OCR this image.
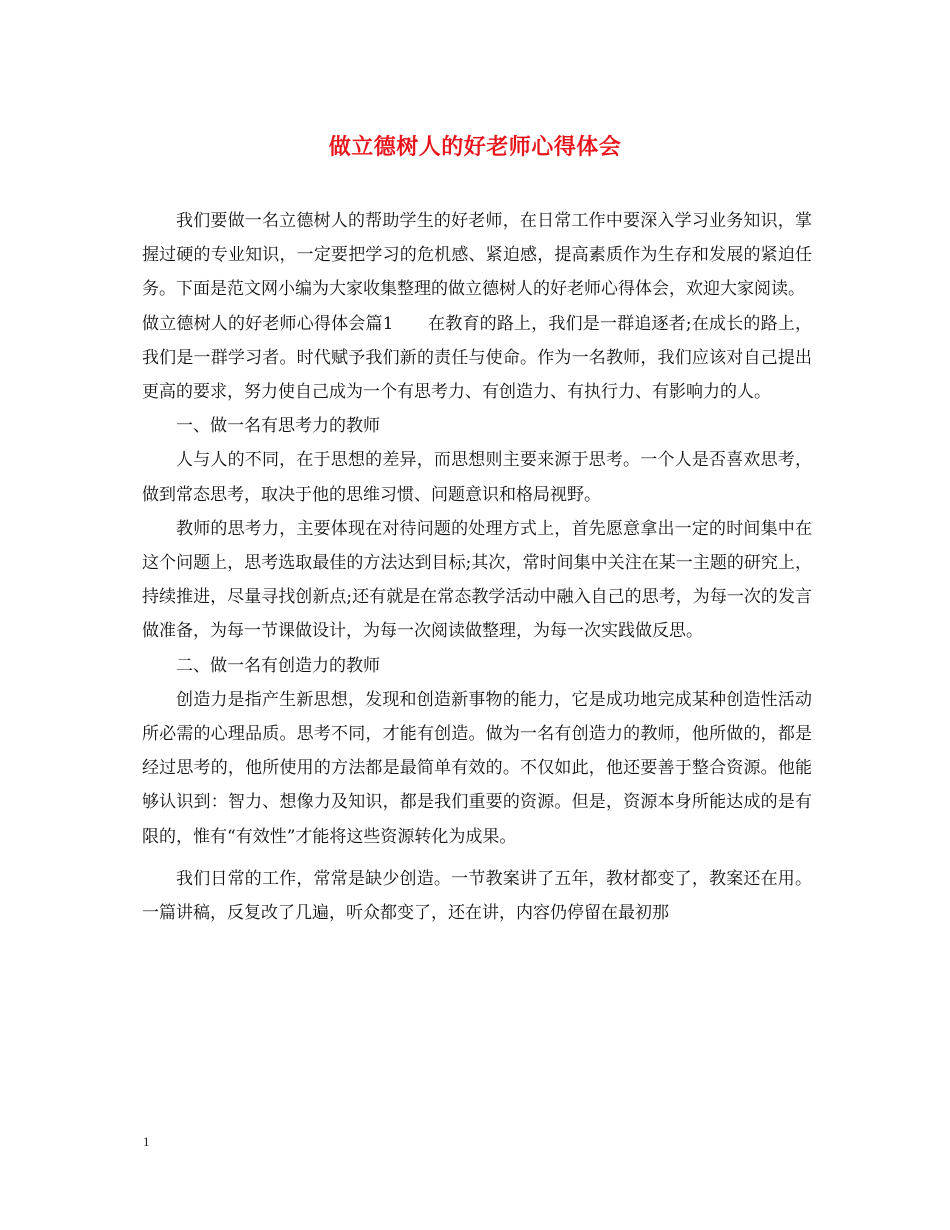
做立德树人的好老师心得体会

我们要做一名立德树人的帮助学生的好老师，在日常工作中要深入学习业务知识，掌握过硬的专业知识，一定要把学习的危机感、紧迫感，提高素质作为生存和发展的紧迫任务。下面是范文网小编为大家收集整理的做立德树人的好老师心得体会，欢迎大家阅读。

做立德树人的好老师心得体会篇1　　在教育的路上，我们是一群追逐者;在成长的路上，我们是一群学习者。时代赋予我们新的责任与使命。作为一名教师，我们应该对自己提出更高的要求，努力使自己成为一个有思考力、有创造力、有执行力、有影响力的人。

一、做一名有思考力的教师

人与人的不同，在于思想的差异，而思想则主要来源于思考。一个人是否喜欢思考，做到常态思考，取决于他的思维习惯、问题意识和格局视野。

教师的思考力，主要体现在对待问题的处理方式上，首先愿意拿出一定的时间集中在这个问题上，思考选取最佳的方法达到目标;其次，常时间集中关注在某一主题的研究上，持续推进，尽量寻找创新点;还有就是在常态教学活动中融入自己的思考，为每一次的发言做准备，为每一节课做设计，为每一次阅读做整理，为每一次实践做反思。

二、做一名有创造力的教师

创造力是指产生新思想，发现和创造新事物的能力，它是成功地完成某种创造性活动所必需的心理品质。思考不同，才能有创造。做为一名有创造力的教师，他所做的，都是经过思考的，他所使用的方法都是最简单有效的。不仅如此，他还要善于整合资源。他能够认识到：智力、想像力及知识，都是我们重要的资源。但是，资源本身所能达成的是有限的，惟有“有效性”才能将这些资源转化为成果。

我们日常的工作，常常是缺少创造。一节教案讲了五年，教材都变了，教案还在用。一篇讲稿，反复改了几遍，听众都变了，还在讲，内容仍停留在最初那

1
